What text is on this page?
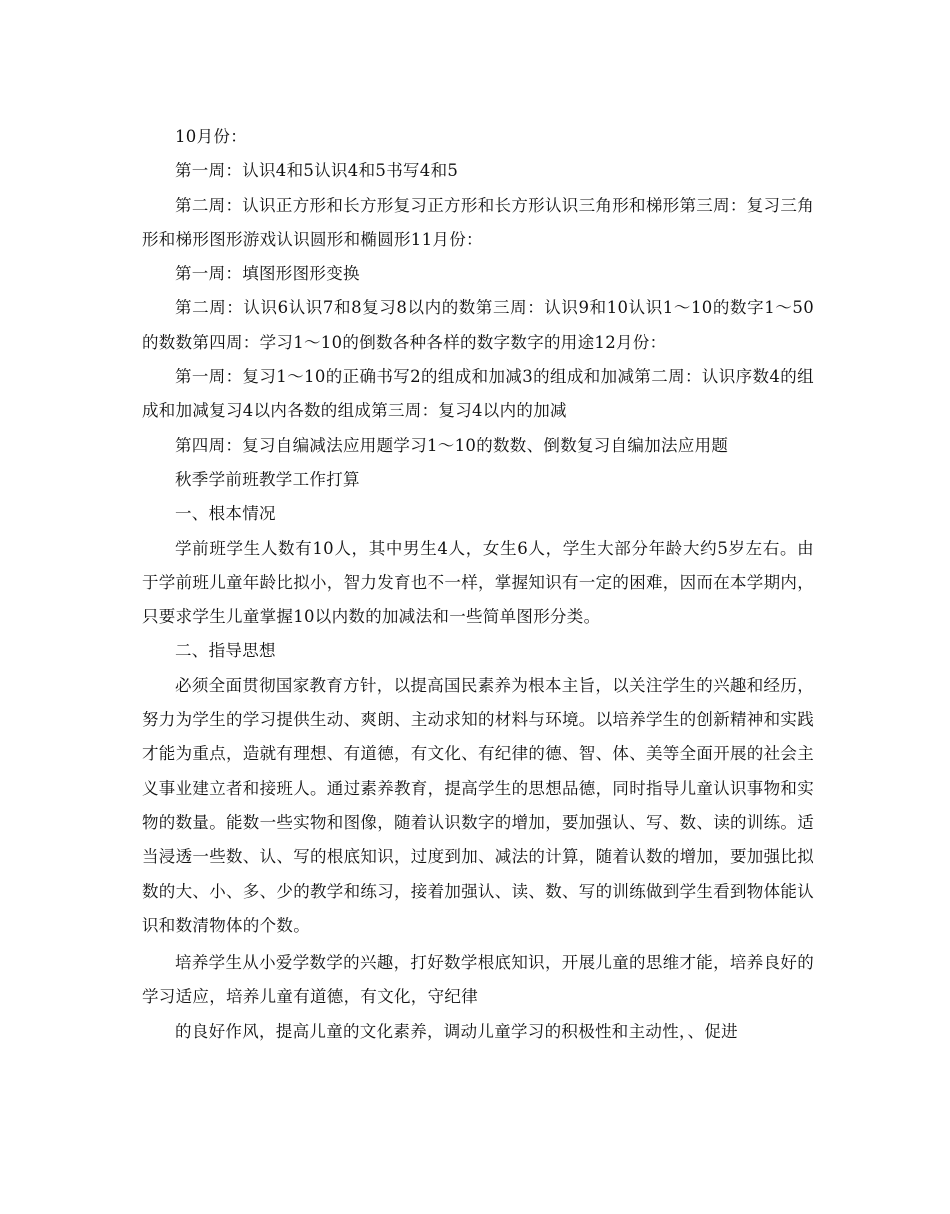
10月份：

第一周：认识4和5认识4和5书写4和5

第二周：认识正方形和长方形复习正方形和长方形认识三角形和梯形第三周：复习三角形和梯形图形游戏认识圆形和椭圆形11月份：

第一周：填图形图形变换

第二周：认识6认识7和8复习8以内的数第三周：认识9和10认识1～10的数字1～50的数数第四周：学习1～10的倒数各种各样的数字数字的用途12月份：

第一周：复习1～10的正确书写2的组成和加减3的组成和加减第二周：认识序数4的组成和加减复习4以内各数的组成第三周：复习4以内的加减

第四周：复习自编减法应用题学习1～10的数数、倒数复习自编加法应用题

秋季学前班教学工作打算

一、根本情况

学前班学生人数有10人，其中男生4人，女生6人，学生大部分年龄大约5岁左右。由于学前班儿童年龄比拟小，智力发育也不一样，掌握知识有一定的困难，因而在本学期内，只要求学生儿童掌握10以内数的加减法和一些简单图形分类。

二、指导思想

必须全面贯彻国家教育方针，以提高国民素养为根本主旨，以关注学生的兴趣和经历，努力为学生的学习提供生动、爽朗、主动求知的材料与环境。以培养学生的创新精神和实践才能为重点，造就有理想、有道德，有文化、有纪律的德、智、体、美等全面开展的社会主义事业建立者和接班人。通过素养教育，提高学生的思想品德，同时指导儿童认识事物和实物的数量。能数一些实物和图像，随着认识数字的增加，要加强认、写、数、读的训练。适当浸透一些数、认、写的根底知识，过度到加、减法的计算，随着认数的增加，要加强比拟数的大、小、多、少的教学和练习，接着加强认、读、数、写的训练做到学生看到物体能认识和数清物体的个数。

培养学生从小爱学数学的兴趣，打好数学根底知识，开展儿童的思维才能，培养良好的学习适应，培养儿童有道德，有文化，守纪律

的良好作风，提高儿童的文化素养，调动儿童学习的积极性和主动性，、促进
